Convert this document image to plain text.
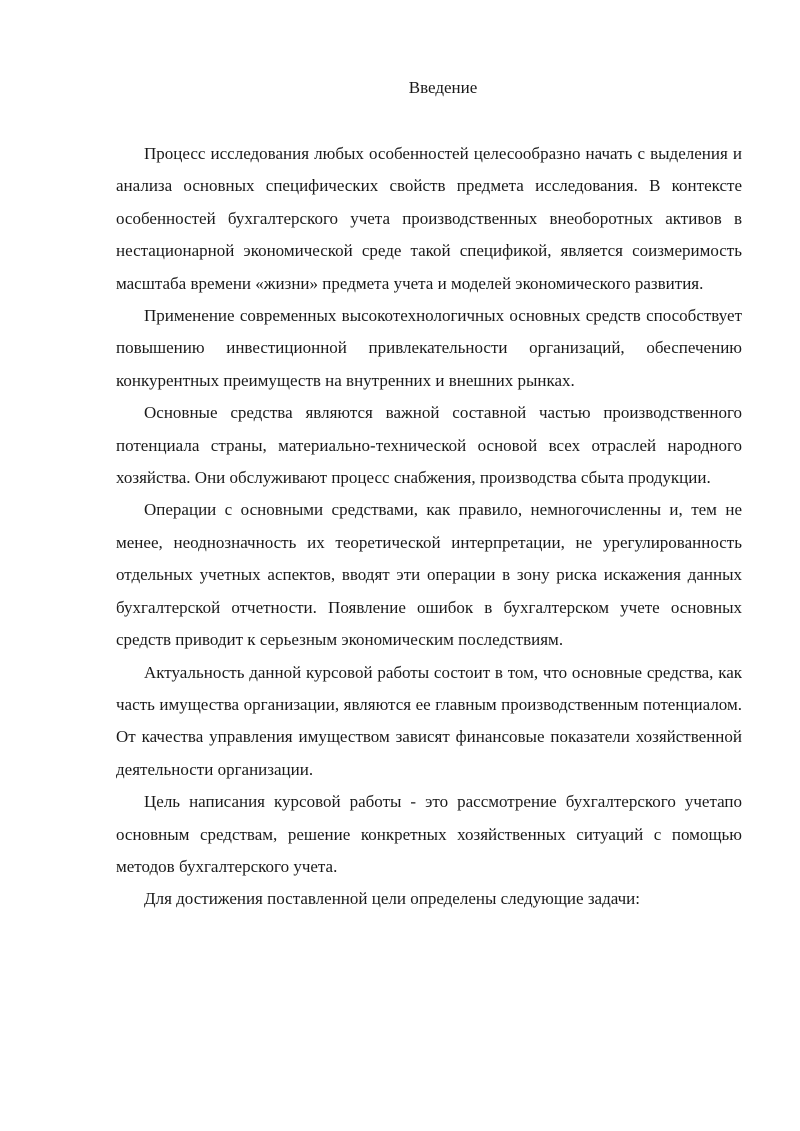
Введение

Процесс исследования любых особенностей целесообразно начать с выделения и анализа основных специфических свойств предмета исследования. В контексте особенностей бухгалтерского учета производственных внеоборотных активов в нестационарной экономической среде такой спецификой, является соизмеримость масштаба времени «жизни» предмета учета и моделей экономического развития.

Применение современных высокотехнологичных основных средств способствует повышению инвестиционной привлекательности организаций, обеспечению конкурентных преимуществ на внутренних и внешних рынках.

Основные средства являются важной составной частью производственного потенциала страны, материально-технической основой всех отраслей народного хозяйства. Они обслуживают процесс снабжения, производства сбыта продукции.

Операции с основными средствами, как правило, немногочисленны и, тем не менее, неоднозначность их теоретической интерпретации, не урегулированность отдельных учетных аспектов, вводят эти операции в зону риска искажения данных бухгалтерской отчетности. Появление ошибок в бухгалтерском учете основных средств приводит к серьезным экономическим последствиям.

Актуальность данной курсовой работы состоит в том, что основные средства, как часть имущества организации, являются ее главным производственным потенциалом. От качества управления имуществом зависят финансовые показатели хозяйственной деятельности организации.

Цель написания курсовой работы - это рассмотрение бухгалтерского учетапо основным средствам, решение конкретных хозяйственных ситуаций с помощью методов бухгалтерского учета.

Для достижения поставленной цели определены следующие задачи:
